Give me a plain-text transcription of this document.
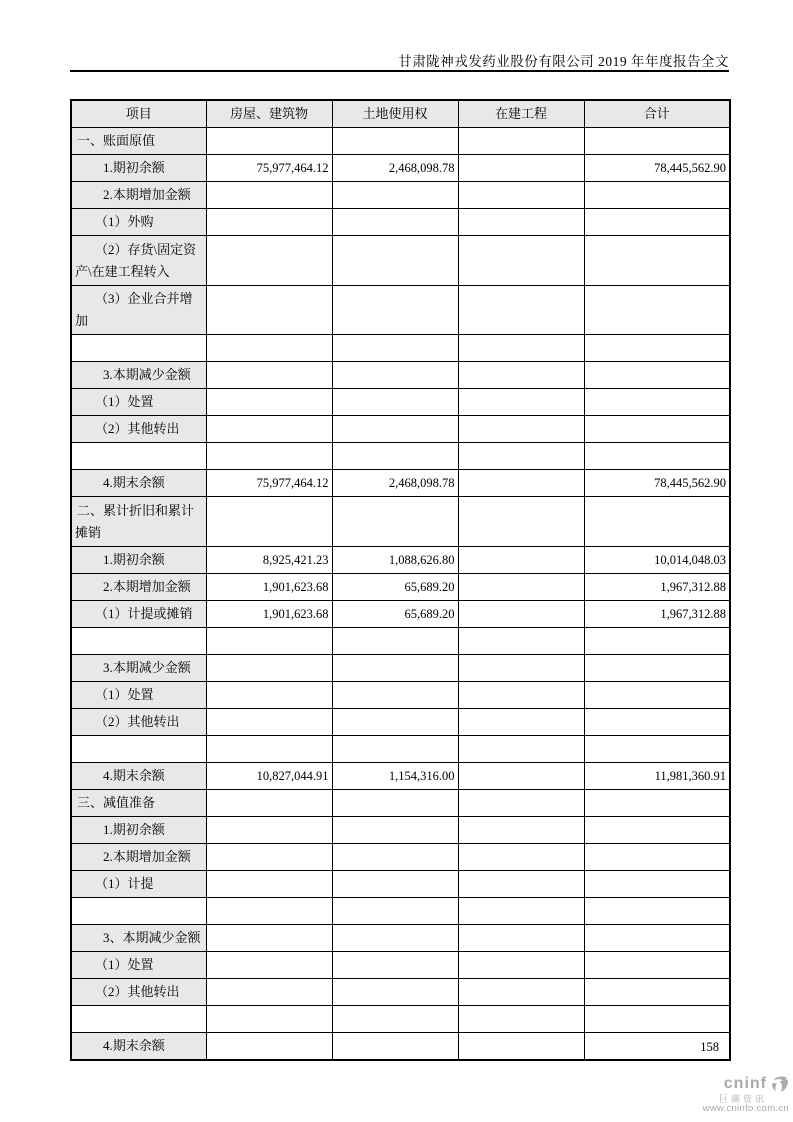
甘肃陇神戎发药业股份有限公司 2019 年年度报告全文
项目	房屋、建筑物	土地使用权	在建工程	合计
一、账面原值				
1.期初余额	75,977,464.12	2,468,098.78		78,445,562.90
2.本期增加金额				
（1）外购				
（2）存货\固定资产\在建工程转入				
（3）企业合并增加				

3.本期减少金额				
（1）处置				
（2）其他转出				

4.期末余额	75,977,464.12	2,468,098.78		78,445,562.90
二、累计折旧和累计摊销				
1.期初余额	8,925,421.23	1,088,626.80		10,014,048.03
2.本期增加金额	1,901,623.68	65,689.20		1,967,312.88
（1）计提或摊销	1,901,623.68	65,689.20		1,967,312.88

3.本期减少金额				
（1）处置				
（2）其他转出				

4.期末余额	10,827,044.91	1,154,316.00		11,981,360.91
三、减值准备				
1.期初余额				
2.本期增加金额				
（1）计提				

3、本期减少金额				
（1）处置				
（2）其他转出				

4.期末余额					158
cninf
巨潮资讯
www.cninfo.com.cn
